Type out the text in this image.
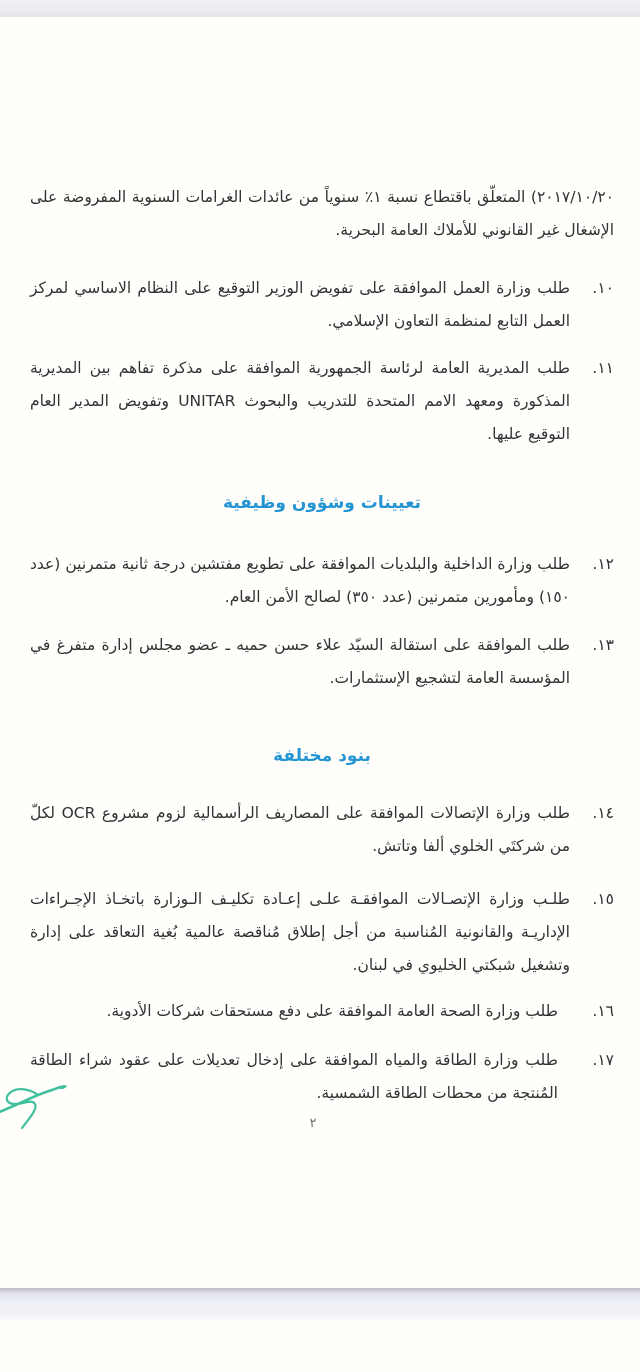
٢٠١٧/١٠/٢٠) المتعلّق باقتطاع نسبة ١٪ سنوياً من عائدات الغرامات السنوية المفروضة على الإشغال غير القانوني للأملاك العامة البحرية.

١٠.
طلب وزارة العمل الموافقة على تفويض الوزير التوقيع على النظام الاساسي لمركز العمل التابع لمنظمة التعاون الإسلامي.
١١.
طلب المديرية العامة لرئاسة الجمهورية الموافقة على مذكرة تفاهم بين المديرية المذكورة ومعهد الامم المتحدة للتدريب والبحوث UNITAR وتفويض المدير العام التوقيع عليها.
تعيينات وشؤون وظيفية
١٢.
طلب وزارة الداخلية والبلديات الموافقة على تطويع مفتشين درجة ثانية متمرنين (عدد ١٥٠) ومأمورين متمرنين (عدد ٣٥٠) لصالح الأمن العام.
١٣.
طلب الموافقة على استقالة السيّد علاء حسن حميه ـ عضو مجلس إدارة متفرغ في المؤسسة العامة لتشجيع الإستثمارات.
بنود مختلفة
١٤.
طلب وزارة الإتصالات الموافقة على المصاريف الرأسمالية لزوم مشروع OCR لكلّ من شركتَي الخلوي ألفا وتاتش.
١٥.
طلـب وزارة الإتصـالات الموافقـة علـى إعـادة تكليـف الـوزارة باتخـاذ الإجـراءات الإداريـة والقانونية المُناسبة من أجل إطلاق مُناقصة عالمية بُغية التعاقد على إدارة وتشغيل شبكتي الخليوي في لبنان.
١٦.
طلب وزارة الصحة العامة الموافقة على دفع مستحقات شركات الأدوية.
١٧.
طلب وزارة الطاقة والمياه الموافقة على إدخال تعديلات على عقود شراء الطاقة المُنتجة من محطات الطاقة الشمسية.
٢
